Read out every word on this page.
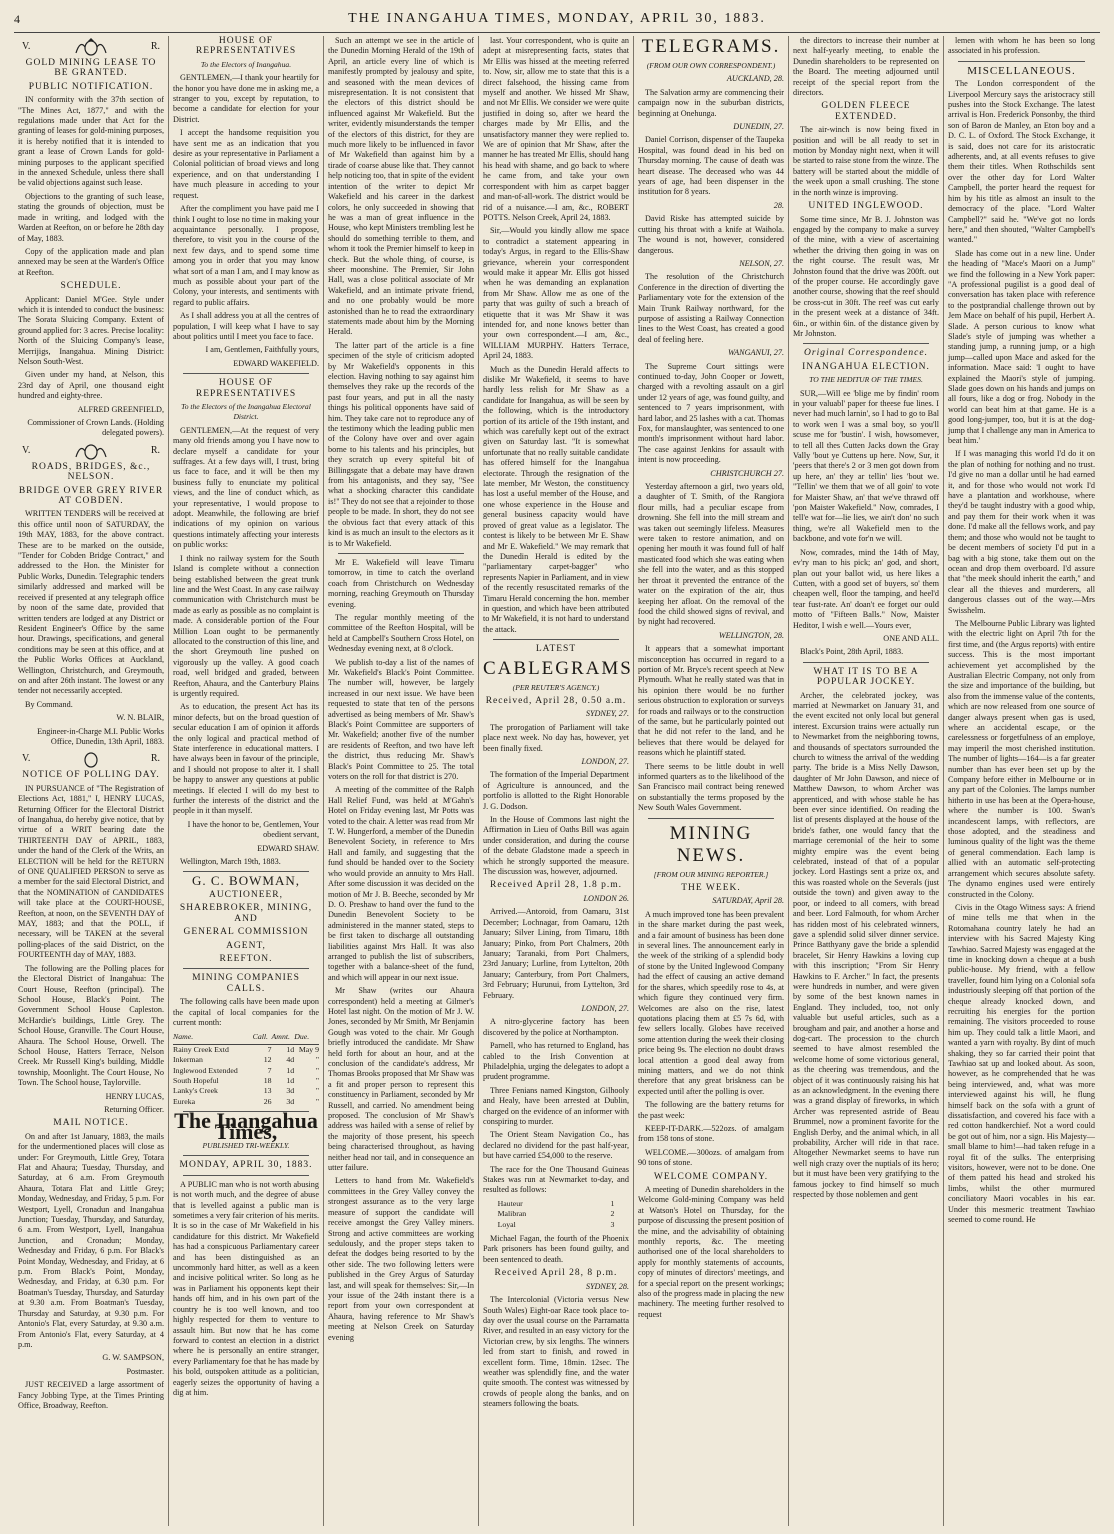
4	THE INANGAHUA TIMES, MONDAY, APRIL 30, 1883.
V.	R.

GOLD MINING LEASE TO BE GRANTED.

PUBLIC NOTIFICATION.

IN conformity with the 37th section of "The Mines Act, 1877," and with the regulations made under that Act for the granting of leases for gold-mining purposes, it is hereby notified that it is intended to grant a lease of Crown Lands for gold-mining purposes to the applicant specified in the annexed Schedule, unless there shall be valid objections against such lease.

Objections to the granting of such lease, stating the grounds of objection, must be made in writing, and lodged with the Warden at Reefton, on or before he 28th day of May, 1883.

Copy of the application made and plan annexed may be seen at the Warden's Office at Reefton.

SCHEDULE.

Applicant: Daniel M'Gee. Style under which it is intended to conduct the business: The Sorata Sluicing Company. Extent of ground applied for: 3 acres. Precise locality: North of the Sluicing Company's lease, Merrijigs, Inangahua. Mining District: Nelson South-West.

Given under my hand, at Nelson, this 23rd day of April, one thousand eight hundred and eighty-three.

ALFRED GREENFIELD,

Commissioner of Crown Lands. (Holding delegated powers).

V.	R.

ROADS, BRIDGES, &c., NELSON.

BRIDGE OVER GREY RIVER AT COBDEN.

WRITTEN TENDERS will be received at this office until noon of SATURDAY, the 19th MAY, 1883, for the above contract. These are to be marked on the outside, "Tender for Cobden Bridge Contract," and addressed to the Hon. the Minister for Public Works, Dunedin. Telegraphic tenders similarly addressed and marked will be received if presented at any telegraph office by noon of the same date, provided that written tenders are lodged at any District or Resident Engineer's Office by the same hour. Drawings, specifications, and general conditions may be seen at this office, and at the Public Works Offices at Auckland, Wellington, Christchurch, and Greymouth, on and after 26th instant. The lowest or any tender not necessarily accepted.

By Command.

W. N. BLAIR,

Engineer-in-Charge M.I. Public Works Office, Dunedin, 13th April, 1883.

V.	R.

NOTICE OF POLLING DAY.

IN PURSUANCE of "The Registration of Elections Act, 1881," I, HENRY LUCAS, Returning Officer for the Electoral District of Inangahua, do hereby give notice, that by virtue of a WRIT bearing date the THIRTEENTH DAY of APRIL, 1883, under the hand of the Clerk of the Writs, an ELECTION will be held for the RETURN of ONE QUALIFIED PERSON to serve as a member for the said Electoral District, and that the NOMINATION of CANDIDATES will take place at the COURT-HOUSE, Reefton, at noon, on the SEVENTH DAY of MAY, 1883; and that the POLL, if necessary, will be TAKEN at the several polling-places of the said District, on the FOURTEENTH day of MAY, 1883.

The following are the Polling places for the Electoral District of Inangahua: The Court House, Reefton (principal). The School House, Black's Point. The Government School House Capleston. McHardie's buildings, Little Grey. The School House, Granville. The Court House, Ahaura. The School House, Orwell. The School House, Hatters Terrace, Nelson Creek. Mr Russell King's building, Middle township, Moonlight. The Court House, No Town. The School house, Taylorville.

HENRY LUCAS,

Returning Officer.

MAIL NOTICE.

On and after 1st January, 1883, the mails for the undermentioned places will close as under: For Greymouth, Little Grey, Totara Flat and Ahaura; Tuesday, Thursday, and Saturday, at 6 a.m. From Greymouth Ahaura, Totara Flat and Little Grey; Monday, Wednesday, and Friday, 5 p.m. For Westport, Lyell, Cronadun and Inangahua Junction; Tuesday, Thursday, and Saturday, 6 a.m. From Westport, Lyell, Inangahua Junction, and Cronadun; Monday, Wednesday and Friday, 6 p.m. For Black's Point Monday, Wednesday, and Friday, at 6 p.m. From Black's Point, Monday, Wednesday, and Friday, at 6.30 p.m. For Boatman's Tuesday, Thursday, and Saturday at 9.30 a.m. From Boatman's Tuesday, Thursday and Saturday, at 9.30 p.m. For Antonio's Flat, every Saturday, at 9.30 a.m. From Antonio's Flat, every Saturday, at 4 p.m.

G. W. SAMPSON,

Postmaster.

JUST RECEIVED a large assortment of Fancy Jobbing Type, at the Times Printing Office, Broadway, Reefton.

HOUSE OF REPRESENTATIVES

To the Electors of Inangahua.

GENTLEMEN,—I thank your heartily for the honor you have done me in asking me, a stranger to you, except by reputation, to become a candidate for election for your District.

I accept the handsome requisition you have sent me as an indication that you desire as your representative in Parliament a Colonial politician of broad views and long experience, and on that understanding I have much pleasure in acceding to your request.

After the compliment you have paid me I think I ought to lose no time in making your acquaintance personally. I propose, therefore, to visit you in the course of the next few days, and to spend some time among you in order that you may know what sort of a man I am, and I may know as much as possible about your part of the Colony, your interests, and sentiments with regard to public affairs.

As I shall address you at all the centres of population, I will keep what I have to say about politics until I meet you face to face.

I am, Gentlemen, Faithfully yours,

EDWARD WAKEFIELD.

HOUSE OF REPRESENTATIVES

To the Electors of the Inangahua Electoral District.

GENTLEMEN,—At the request of very many old friends among you I have now to declare myself a candidate for your suffrages. At a few days will, I trust, bring us face to face, and it will be then my business fully to enunciate my political views, and the line of conduct which, as your representative, I would propose to adopt. Meanwhile, the following are brief indications of my opinion on various questions intimately affecting your interests on public works:

I think no railway system for the South Island is complete without a connection being established between the great trunk line and the West Coast. In any case railway communication with Christchurch must be made as early as possible as no complaint is made. A considerable portion of the Four Million Loan ought to be permanently allocated to the construction of this line, and the short Greymouth line pushed on vigorously up the valley. A good coach road, well bridged and graded, between Reefton, Ahaura, and the Canterbury Plains is urgently required.

As to education, the present Act has its minor defects, but on the broad question of secular education I am of opinion it affords the only logical and practical method of State interference in educational matters. I have always been in favour of the principle, and I should not propose to alter it. I shall be happy to answer any questions at public meetings. If elected I will do my best to further the interests of the district and the people in it than myself.

I have the honor to be, Gentlemen, Your obedient servant,

EDWARD SHAW.

Wellington, March 19th, 1883.

G. C. BOWMAN,

AUCTIONEER,

SHAREBROKER, MINING, AND

GENERAL COMMISSION

AGENT,

REEFTON.

MINING COMPANIES CALLS.

The following calls have been made upon the capital of local companies for the current month:

Name.	Call.	Amnt.	Due.
Rainy Creek Extd	7	1d	May 9
Inkerman	12	4d	"
Inglewood Extended	7	1d	"
South Hopeful	18	1d	"
Lanky's Creek	13	3d	"
Eureka	26	3d	"
The Inangahua Times,

PUBLISHED TRI-WEEKLY.

MONDAY, APRIL 30, 1883.

A PUBLIC man who is not worth abusing is not worth much, and the degree of abuse that is levelled against a public man is sometimes a very fair criterion of his merits. It is so in the case of Mr Wakefield in his candidature for this district. Mr Wakefield has had a conspicuous Parliamentary career and has been distinguished as an uncommonly hard hitter, as well as a keen and incisive political writer. So long as he was in Parliament his opponents kept their hands off him, and in his own part of the country he is too well known, and too highly respected for them to venture to assault him. But now that he has come forward to contest an election in a district where he is personally an entire stranger, every Parliamentary foe that he has made by his bold, outspoken attitude as a politician, eagerly seizes the opportunity of having a dig at him.

Such an attempt we see in the article of the Dunedin Morning Herald of the 19th of April, an article every line of which is manifestly prompted by jealousy and spite, and seasoned with the mean devices of misrepresentation. It is not consistent that the electors of this district should be influenced against Mr Wakefield. But the writer, evidently misunderstands the temper of the electors of this district, for they are much more likely to be influenced in favor of Mr Wakefield than against him by a tirade of coarse abuse like that. They cannot help noticing too, that in spite of the evident intention of the writer to depict Mr Wakefield and his career in the darkest colors, he only succeeded in showing that he was a man of great influence in the House, who kept Ministers trembling lest he should do something terrible to them, and whom it took the Premier himself to keep in check. But the whole thing, of course, is sheer moonshine. The Premier, Sir John Hall, was a close political associate of Mr Wakefield, and an intimate private friend, and no one probably would be more astonished than he to read the extraordinary statements made about him by the Morning Herald.

The latter part of the article is a fine specimen of the style of criticism adopted by Mr Wakefield's opponents in this election. Having nothing to say against him themselves they rake up the records of the past four years, and put in all the nasty things his political opponents have said of him. They take care not to reproduce any of the testimony which the leading public men of the Colony have over and over again borne to his talents and his principles, but they scratch up every spiteful bit of Billingsgate that a debate may have drawn from his antagonists, and they say, "See what a shocking character this candidate is!" They do not see that a rejoinder to those people to be made. In short, they do not see the obvious fact that every attack of this kind is as much an insult to the electors as it is to Mr Wakefield.

Mr E. Wakefield will leave Timaru tomorrow, in time to catch the overland coach from Christchurch on Wednesday morning, reaching Greymouth on Thursday evening.

The regular monthly meeting of the committee of the Reefton Hospital, will be held at Campbell's Southern Cross Hotel, on Wednesday evening next, at 8 o'clock.

We publish to-day a list of the names of Mr. Wakefield's Black's Point Committee. The number will, however, be largely increased in our next issue. We have been requested to state that ten of the persons advertised as being members of Mr. Shaw's Black's Point Committee are supporters of Mr. Wakefield; another five of the number are residents of Reefton, and two have left the district, thus reducing Mr. Shaw's Black's Point Committee to 25. The total voters on the roll for that district is 270.

A meeting of the committee of the Ralph Hall Relief Fund, was held at M'Gahn's Hotel on Friday evening last, Mr Potts was voted to the chair. A letter was read from Mr T. W. Hungerford, a member of the Dunedin Benevolent Society, in reference to Mrs Hall and family, and suggesting that the fund should be handed over to the Society who would provide an annuity to Mrs Hall. After some discussion it was decided on the motion of Mr J. B. Beeche, seconded by Mr D. O. Preshaw to hand over the fund to the Dunedin Benevolent Society to be administered in the manner stated, steps to be first taken to discharge all outstanding liabilities against Mrs Hall. It was also arranged to publish the list of subscribers, together with a balance-sheet of the fund, and which will appear in our next issue.

Mr Shaw (writes our Ahaura correspondent) held a meeting at Gilmer's Hotel last night. On the motion of Mr J. W. Jones, seconded by Mr Smith, Mr Benjamin Gough was voted to the chair. Mr Gough briefly introduced the candidate. Mr Shaw held forth for about an hour, and at the conclusion of the candidate's address, Mr Thomas Brooks proposed that Mr Shaw was a fit and proper person to represent this constituency in Parliament, seconded by Mr Russell, and carried. No amendment being proposed. The conclusion of Mr Shaw's address was hailed with a sense of relief by the majority of those present, his speech being characterised throughout, as having neither head nor tail, and in consequence an utter failure.

Letters to hand from Mr. Wakefield's committees in the Grey Valley convey the strongest assurance as to the very large measure of support the candidate will receive amongst the Grey Valley miners. Strong and active committees are working sedulously, and the proper steps taken to defeat the dodges being resorted to by the other side. The two following letters were published in the Grey Argus of Saturday last, and will speak for themselves: Sir,—In your issue of the 24th instant there is a report from your own correspondent at Ahaura, having reference to Mr Shaw's meeting at Nelson Creek on Saturday evening

last. Your correspondent, who is quite an adept at misrepresenting facts, states that Mr Ellis was hissed at the meeting referred to. Now, sir, allow me to state that this is a direct falsehood, the hissing came from myself and another. We hissed Mr Shaw, and not Mr Ellis. We consider we were quite justified in doing so, after we heard the charges made by Mr Ellis, and the unsatisfactory manner they were replied to. We are of opinion that Mr Shaw, after the manner he has treated Mr Ellis, should hang his head with shame, and go back to where he came from, and take your own correspondent with him as carpet bagger and man-of-all-work. The district would be rid of a nuisance.—I am, &c., ROBERT POTTS. Nelson Creek, April 24, 1883.

Sir,—Would you kindly allow me space to contradict a statement appearing in today's Argus, in regard to the Ellis-Shaw grievance, wherein your correspondent would make it appear Mr. Ellis got hissed when he was demanding an explanation from Mr Shaw. Allow me as one of the party that was guilty of such a breach of etiquette that it was Mr Shaw it was intended for, and none knows better than your own correspondent.—I am, &c., WILLIAM MURPHY. Hatters Terrace, April 24, 1883.

Much as the Dunedin Herald affects to dislike Mr Wakefield, it seems to have hardly less relish for Mr Shaw as a candidate for Inangahua, as will be seen by the following, which is the introductory portion of its article of the 19th instant, and which was carefully kept out of the extract given on Saturday last. "It is somewhat unfortunate that no really suitable candidate has offered himself for the Inangahua electorate. Through the resignation of the late member, Mr Weston, the constituency has lost a useful member of the House, and one whose experience in the House and general business capacity would have proved of great value as a legislator. The contest is likely to be between Mr E. Shaw and Mr E. Wakefield." We may remark that the Dunedin Herald is edited by the "parliamentary carpet-bagger" who represents Napier in Parliament, and in view of the recently resuscitated remarks of the Timaru Herald concerning the hon. member in question, and which have been attributed to Mr Wakefield, it is not hard to understand the attack.

LATEST

CABLEGRAMS

(PER REUTER'S AGENCY.)

Received, April 28, 0.50 a.m.

SYDNEY, 27.

The prorogation of Parliament will take place next week. No day has, however, yet been finally fixed.

LONDON, 27.

The formation of the Imperial Department of Agriculture is announced, and the portfolio is allotted to the Right Honorable J. G. Dodson.

In the House of Commons last night the Affirmation in Lieu of Oaths Bill was again under consideration, and during the course of the debate Gladstone made a speech in which he strongly supported the measure. The discussion was, however, adjourned.

Received April 28, 1.8 p.m.

LONDON 26.

Arrived.—Antoroid, from Oamaru, 31st December; Lochnagar, from Oamaru, 12th January; Silver Lining, from Timaru, 18th January; Pinko, from Port Chalmers, 20th January; Taranaki, from Port Chalmers, 23rd January; Lurline, from Lyttelton, 20th January; Canterbury, from Port Chalmers, 3rd February; Hurunui, from Lyttelton, 3rd February.

LONDON, 27.

A nitro-glycerine factory has been discovered by the police at Northampton.

Parnell, who has returned to England, has cabled to the Irish Convention at Philadelphia, urging the delegates to adopt a prudent programme.

Three Fenians named Kingston, Gilhooly and Healy, have been arrested at Dublin, charged on the evidence of an informer with conspiring to murder.

The Orient Steam Navigation Co., has declared no dividend for the past half-year, but have carried £54,000 to the reserve.

The race for the One Thousand Guineas Stakes was run at Newmarket to-day, and resulted as follows:

Hauteur	1
Malibran	2
Loyal	3

Michael Fagan, the fourth of the Phoenix Park prisoners has been found guilty, and been sentenced to death.

Received April 28, 8 p.m.

SYDNEY, 28.

The Intercolonial (Victoria versus New South Wales) Eight-oar Race took place to-day over the usual course on the Parramatta River, and resulted in an easy victory for the Victorian crew, by six lengths. The winners led from start to finish, and rowed in excellent form. Time, 18min. 12sec. The weather was splendidly fine, and the water quite smooth. The contest was witnessed by crowds of people along the banks, and on steamers following the boats.

TELEGRAMS.

(FROM OUR OWN CORRESPONDENT.)

AUCKLAND, 28.

The Salvation army are commencing their campaign now in the suburban districts, beginning at Onehunga.

DUNEDIN, 27.

Daniel Corrison, dispenser of the Taupeka Hospital, was found dead in his bed on Thursday morning. The cause of death was heart disease. The deceased who was 44 years of age, had been dispenser in the institution for 8 years.

28.

David Riske has attempted suicide by cutting his throat with a knife at Waihola. The wound is not, however, considered dangerous.

NELSON, 27.

The resolution of the Christchurch Conference in the direction of diverting the Parliamentary vote for the extension of the Main Trunk Railway northward, for the purpose of assisting a Railway Connection lines to the West Coast, has created a good deal of feeling here.

WANGANUI, 27.

The Supreme Court sittings were continued to-day, John Cooper or Jowett, charged with a revolting assault on a girl under 12 years of age, was found guilty, and sentenced to 7 years imprisonment, with hard labor, and 25 lashes with a cat. Thomas Fox, for manslaughter, was sentenced to one month's imprisonment without hard labor. The case against Jenkins for assault with intent is now proceeding.

CHRISTCHURCH 27.

Yesterday afternoon a girl, two years old, a daughter of T. Smith, of the Rangiora flour mills, had a peculiar escape from drowning. She fell into the mill stream and was taken out seemingly lifeless. Measures were taken to restore animation, and on opening her mouth it was found full of half masticated food which she was eating when she fell into the water, and as this stopped her throat it prevented the entrance of the water on the expiration of the air, thus keeping her afloat. On the removal of the food the child showed signs of revival, and by night had recovered.

WELLINGTON, 28.

It appears that a somewhat important misconception has occurred in regard to a portion of Mr. Bryce's recent speech at New Plymouth. What he really stated was that in his opinion there would be no further serious obstruction to exploration or surveys for roads and railways or to the construction of the same, but he particularly pointed out that he did not refer to the land, and he believes that there would be delayed for reasons which he plaintiff stated.

There seems to be little doubt in well informed quarters as to the likelihood of the San Francisco mail contract being renewed on substantially the terms proposed by the New South Wales Government.

MINING NEWS.

[FROM OUR MINING REPORTER.]

THE WEEK.

SATURDAY, April 28.

A much improved tone has been prevalent in the share market during the past week, and a fair amount of business has been done in several lines. The announcement early in the week of the striking of a splendid body of stone by the United Inglewood Company had the effect of causing an active demand for the shares, which speedily rose to 4s, at which figure they continued very firm. Welcomes are also on the rise, latest quotations placing them at £5 7s 6d, with few sellers locally. Globes have received some attention during the week their closing price being 9s. The election no doubt draws local attention a good deal away from mining matters, and we do not think therefore that any great briskness can be expected until after the polling is over.

The following are the battery returns for the past week:

KEEP-IT-DARK.—522ozs. of amalgam from 158 tons of stone.

WELCOME.—300ozs. of amalgam from 90 tons of stone.

WELCOME COMPANY.

A meeting of Dunedin shareholders in the Welcome Gold-mining Company was held at Watson's Hotel on Thursday, for the purpose of discussing the present position of the mine, and the advisability of obtaining monthly reports, &c. The meeting authorised one of the local shareholders to apply for monthly statements of accounts, copy of minutes of directors' meetings, and for a special report on the present workings; also of the progress made in placing the new machinery. The meeting further resolved to request

the directors to increase their number at next half-yearly meeting, to enable the Dunedin shareholders to be represented on the Board. The meeting adjourned until receipt of the special report from the directors.

GOLDEN FLEECE EXTENDED.

The air-winch is now being fixed in position and will be all ready to set in motion by Monday night next, when it will be started to raise stone from the winze. The battery will be started about the middle of the week upon a small crushing. The stone in the north winze is improving.

UNITED INGLEWOOD.

Some time since, Mr B. J. Johnston was engaged by the company to make a survey of the mine, with a view of ascertaining whether the driving then going in was on the right course. The result was, Mr Johnston found that the drive was 200ft. out of the proper course. He accordingly gave another course, showing that the reef should be cross-cut in 30ft. The reef was cut early in the present week at a distance of 34ft. 6in., or within 6in. of the distance given by Mr Johnston.

Original Correspondence.

INANGAHUA ELECTION.

TO THE HEDITUR OF THE TIMES.

SUR,—Will ee 'blige me by findin' room in your valuabl' paper for theese fue lines. I never had much larnin', so I had to go to Bal to work wen I was a smal boy, so you'll scuse me for 'bustin'. I wish, howsomever, to tell all thes Cutten Jacks down the Gray Vally 'bout ye Cuttens up here. Now, Sur, it 'peers that there's 2 or 3 men got down from up here, an' they ar tellin' lies 'bout we. "Tellin' we them that we of all goin' to vote for Maister Shaw, an' that we've thrawd off 'pon Maister Wakefield." Now, comrades, I tell'e wat for—lie lies, we ain't don' no such thing, we're all Wakefield men to the backbone, and vote for'n we will.

Now, comrades, mind the 14th of May, ev'ry man to his pick; an' god, and short, plan out your ballot wid, us here likes a Cutten, with a good set of buyers, so' them cheapen well, floor the tamping, and heel'd tear fust-rate. An' doan't ee forget our ould motto of "Fifteen Balls." Now, Maister Heditor, I wish e well.—Yours ever,

ONE AND ALL.

Black's Point, 28th April, 1883.

WHAT IT IS TO BE A POPULAR JOCKEY.

Archer, the celebrated jockey, was married at Newmarket on January 31, and the event excited not only local but general interest. Excursion trains were actually run to Newmarket from the neighboring towns, and thousands of spectators surrounded the church to witness the arrival of the wedding party. The bride is a Miss Nelly Dawson, daughter of Mr John Dawson, and niece of Matthew Dawson, to whom Archer was apprenticed, and with whose stable he has been ever since identified. On reading the list of presents displayed at the house of the bride's father, one would fancy that the marriage ceremonial of the heir to some mighty empire was the event being celebrated, instead of that of a popular jockey. Lord Hastings sent a prize ox, and this was roasted whole on the Severals (just outside the town) and given away to the poor, or indeed to all comers, with bread and beer. Lord Falmouth, for whom Archer has ridden most of his celebrated winners, gave a splendid solid silver dinner service. Prince Batthyany gave the bride a splendid bracelet, Sir Henry Hawkins a loving cup with this inscription; "From Sir Henry Hawkins to F. Archer." In fact, the presents were hundreds in number, and were given by some of the best known names in England. They included, too, not only valuable but useful articles, such as a brougham and pair, and another a horse and dog-cart. The procession to the church seemed to have almost resembled the welcome home of some victorious general, as the cheering was tremendous, and the object of it was continuously raising his hat as an acknowledgment. In the evening there was a grand display of fireworks, in which Archer was represented astride of Beau Brummel, now a prominent favorite for the English Derby, and the animal which, in all probability, Archer will ride in that race. Altogether Newmarket seems to have run well nigh crazy over the nuptials of its hero; but it must have been very gratifying to the famous jockey to find himself so much respected by those noblemen and gent

lemen with whom he has been so long associated in his profession.

MISCELLANEOUS.

The London correspondent of the Liverpool Mercury says the aristocracy still pushes into the Stock Exchange. The latest arrival is Hon. Frederick Ponsonby, the third son of Baron de Manley, an Eton boy and a D. C. L. of Oxford. The Stock Exchange, it is said, does not care for its aristocratic adherents, and, at all events refuses to give them their titles. When Rothschilds sent over the other day for Lord Walter Campbell, the porter heard the request for him by his title as almost an insult to the democracy of the place. "Lord Walter Campbell?" said he. "We've got no lords here," and then shouted, "Walter Campbell's wanted."

Slade has come out in a new line. Under the heading of "Mace's Maori on a Jump" we find the following in a New York paper: "A professional pugilist is a good deal of conversation has taken place with reference to the postprandial challenge thrown out by Jem Mace on behalf of his pupil, Herbert A. Slade. A person curious to know what Slade's style of jumping was whether a standing jump, a running jump, or a high jump—called upon Mace and asked for the information. Mace said: 'I ought to have explained the Maori's style of jumping. Slade goes down on his hands and jumps on all fours, like a dog or frog. Nobody in the world can beat him at that game. He is a good long-jumper, too, but it is at the dog-jump that I challenge any man in America to beat him.'

If I was managing this world I'd do it on the plan of nothing for nothing and no trust. I'd give no man a dollar until he had earned it, and for those who would not work I'd have a plantation and workhouse, where they'd be taught industry with a good whip, and pay them for their work when it was done. I'd make all the fellows work, and pay them; and those who would not be taught to be decent members of society I'd put in a bag with a big stone, take them out on the ocean and drop them overboard. I'd assure that "the meek should inherit the earth," and clear all the thieves and murderers, all dangerous classes out of the way.—Mrs Swisshelm.

The Melbourne Public Library was lighted with the electric light on April 7th for the first time, and (the Argus reports) with entire success. This is the most important achievement yet accomplished by the Australian Electric Company, not only from the size and importance of the building, but also from the immense value of the contents, which are now released from one source of danger always present when gas is used, where an accidental escape, or the carelessness or forgetfulness of an employe, may imperil the most cherished institution. The number of lights—164—is a far greater number than has ever been set up by the Company before either in Melbourne or in any part of the Colonies. The lamps number hitherto in use has been at the Opera-house, where the number is 100. Swan's incandescent lamps, with reflectors, are those adopted, and the steadiness and luminous quality of the light was the theme of general commendation. Each lamp is allied with an automatic self-protecting arrangement which secures absolute safety. The dynamo engines used were entirely constructed in the Colony.

Civis in the Otago Witness says: A friend of mine tells me that when in the Rotomahana country lately he had an interview with his Sacred Majesty King Tawhiao. Sacred Majesty was engaged at the time in knocking down a cheque at a bush public-house. My friend, with a fellow traveller, found him lying on a Colonial sofa industriously sleeping off that portion of the cheque already knocked down, and recruiting his energies for the portion remaining. The visitors proceeded to rouse him up. They could talk a little Maori, and wanted a yarn with royalty. By dint of much shaking, they so far carried their point that Tawhiao sat up and looked about. As soon, however, as he comprehended that he was being interviewed, and, what was more interviewed against his will, he flung himself back on the sofa with a grunt of dissatisfaction, and covered his face with a red cotton handkerchief. Not a word could be got out of him, nor a sign. His Majesty—small blame to him!—had taken refuge in a royal fit of the sulks. The enterprising visitors, however, were not to be done. One of them patted his head and stroked his limbs, whilst the other murmured conciliatory Maori vocables in his ear. Under this mesmeric treatment Tawhiao seemed to come round. He
